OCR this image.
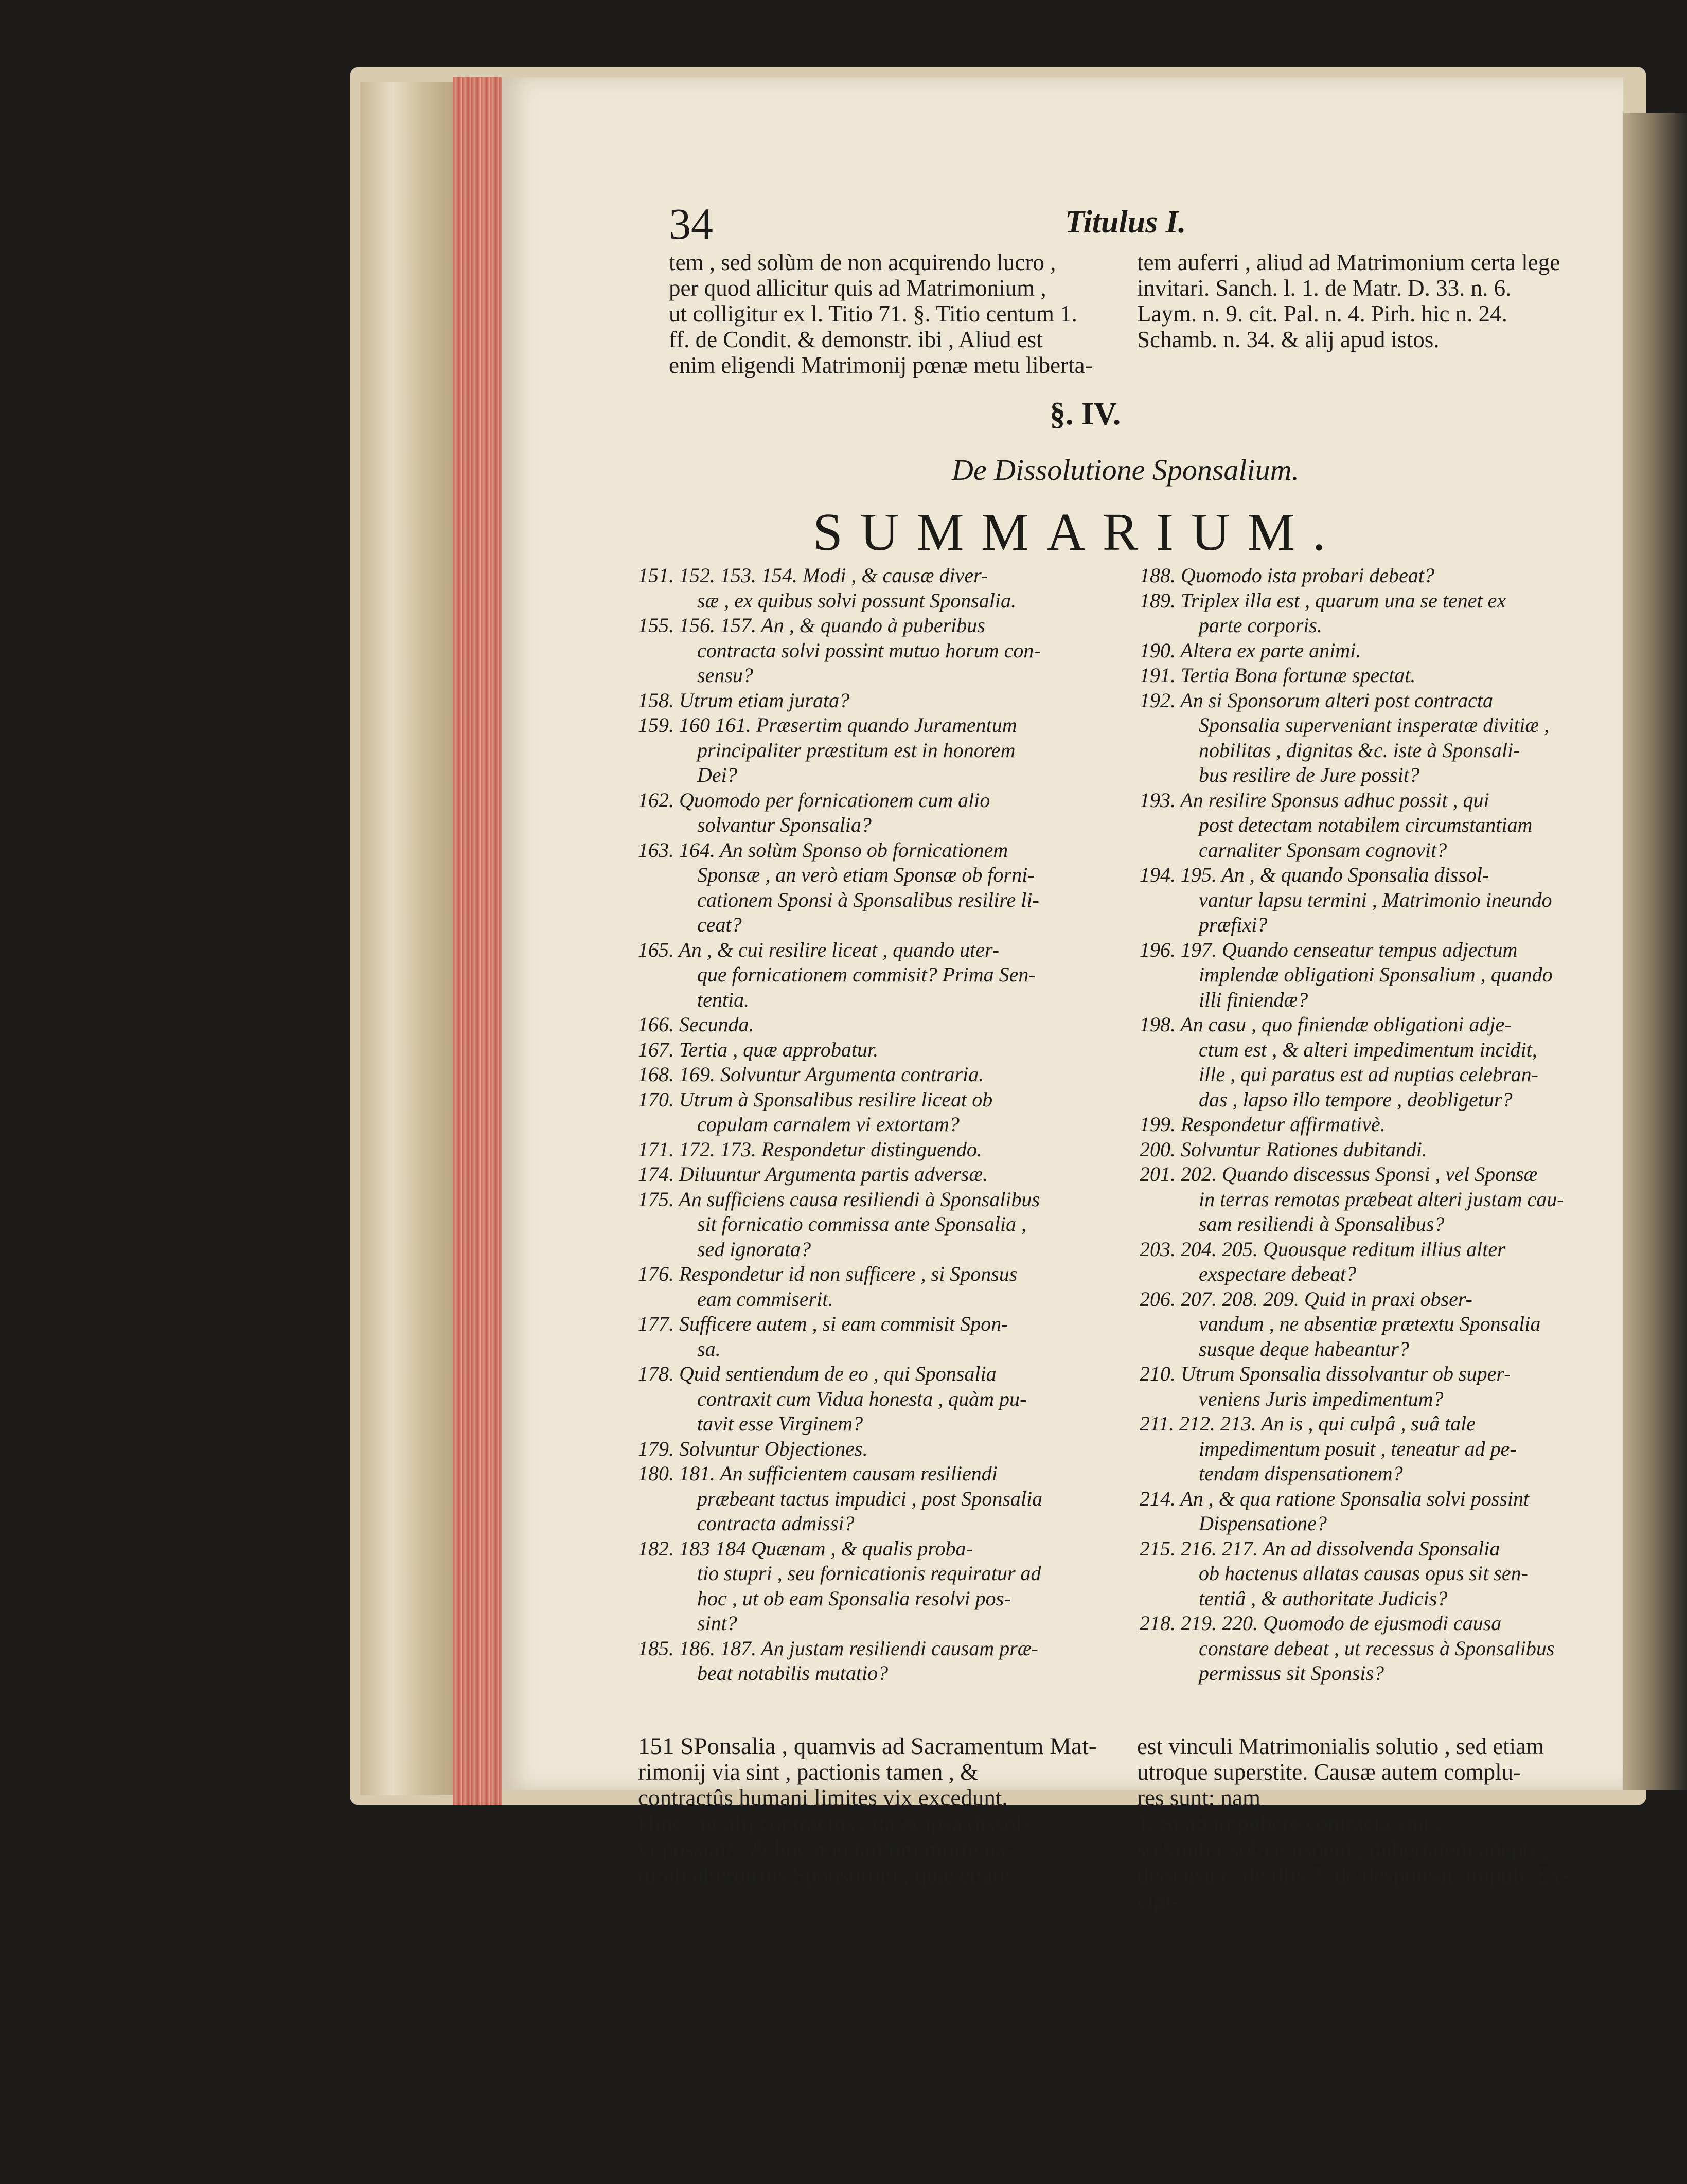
34	Titulus I.
tem , sed solùm de non acquirendo lucro ,
per quod allicitur quis ad Matrimonium ,
ut colligitur ex l. Titio 71. §. Titio centum 1.
ff. de Condit. & demonstr. ibi , Aliud est
enim eligendi Matrimonij pœnæ metu liberta-
tem auferri , aliud ad Matrimonium certa lege
invitari. Sanch. l. 1. de Matr. D. 33. n. 6.
Laym. n. 9. cit. Pal. n. 4. Pirh. hic n. 24.
Schamb. n. 34. & alij apud istos.
§. IV.
De Dissolutione Sponsalium.
SUMMARIUM.
151. 152. 153. 154. Modi , & causæ diver-
sæ , ex quibus solvi possunt Sponsalia.
155. 156. 157. An , & quando à puberibus
contracta solvi possint mutuo horum con-
sensu?
158. Utrum etiam jurata?
159. 160 161. Præsertim quando Juramentum
principaliter præstitum est in honorem
Dei?
162. Quomodo per fornicationem cum alio
solvantur Sponsalia?
163. 164. An solùm Sponso ob fornicationem
Sponsæ , an verò etiam Sponsæ ob forni-
cationem Sponsi à Sponsalibus resilire li-
ceat?
165. An , & cui resilire liceat , quando uter-
que fornicationem commisit? Prima Sen-
tentia.
166. Secunda.
167. Tertia , quæ approbatur.
168. 169. Solvuntur Argumenta contraria.
170. Utrum à Sponsalibus resilire liceat ob
copulam carnalem vi extortam?
171. 172. 173. Respondetur distinguendo.
174. Diluuntur Argumenta partis adversæ.
175. An sufficiens causa resiliendi à Sponsalibus
sit fornicatio commissa ante Sponsalia ,
sed ignorata?
176. Respondetur id non sufficere , si Sponsus
eam commiserit.
177. Sufficere autem , si eam commisit Spon-
sa.
178. Quid sentiendum de eo , qui Sponsalia
contraxit cum Vidua honesta , quàm pu-
tavit esse Virginem?
179. Solvuntur Objectiones.
180. 181. An sufficientem causam resiliendi
præbeant tactus impudici , post Sponsalia
contracta admissi?
182. 183 184 Quænam , & qualis proba-
tio stupri , seu fornicationis requiratur ad
hoc , ut ob eam Sponsalia resolvi pos-
sint?
185. 186. 187. An justam resiliendi causam præ-
beat notabilis mutatio?
188. Quomodo ista probari debeat?
189. Triplex illa est , quarum una se tenet ex
parte corporis.
190. Altera ex parte animi.
191. Tertia Bona fortunæ spectat.
192. An si Sponsorum alteri post contracta
Sponsalia superveniant insperatæ divitiæ ,
nobilitas , dignitas &c. iste à Sponsali-
bus resilire de Jure possit?
193. An resilire Sponsus adhuc possit , qui
post detectam notabilem circumstantiam
carnaliter Sponsam cognovit?
194. 195. An , & quando Sponsalia dissol-
vantur lapsu termini , Matrimonio ineundo
præfixi?
196. 197. Quando censeatur tempus adjectum
implendæ obligationi Sponsalium , quando
illi finiendæ?
198. An casu , quo finiendæ obligationi adje-
ctum est , & alteri impedimentum incidit,
ille , qui paratus est ad nuptias celebran-
das , lapso illo tempore , deobligetur?
199. Respondetur affirmativè.
200. Solvuntur Rationes dubitandi.
201. 202. Quando discessus Sponsi , vel Sponsæ
in terras remotas præbeat alteri justam cau-
sam resiliendi à Sponsalibus?
203. 204. 205. Quousque reditum illius alter
exspectare debeat?
206. 207. 208. 209. Quid in praxi obser-
vandum , ne absentiæ prætextu Sponsalia
susque deque habeantur?
210. Utrum Sponsalia dissolvantur ob super-
veniens Juris impedimentum?
211. 212. 213. An is , qui culpâ , suâ tale
impedimentum posuit , teneatur ad pe-
tendam dispensationem?
214. An , & qua ratione Sponsalia solvi possint
Dispensatione?
215. 216. 217. An ad dissolvenda Sponsalia
ob hactenus allatas causas opus sit sen-
tentiâ , & authoritate Judicis?
218. 219. 220. Quomodo de ejusmodi causa
constare debeat , ut recessus à Sponsalibus
permissus sit Sponsis?
151 SPonsalia , quamvis ad Sacramentum Mat-
rimonij via sint , pactionis tamen , &
contractûs humani limites vix excedunt.
Hinc , ut alij contractus , ita & ipsa dissol-
vi possunt : & hoc non tantùm morte na-
turali alterutrius Sponsorum , quæ etiam
est vinculi Matrimonialis solutio , sed etiam
utroque superstite. Causæ autem complu-
res sunt; nam
1. Si ab impubere contracta sint ,
solvuntur solo ejusdem , pubertatem adepti ,
dissensu c. de illis 7. de desponsat. impub. Ex-
cipi-
